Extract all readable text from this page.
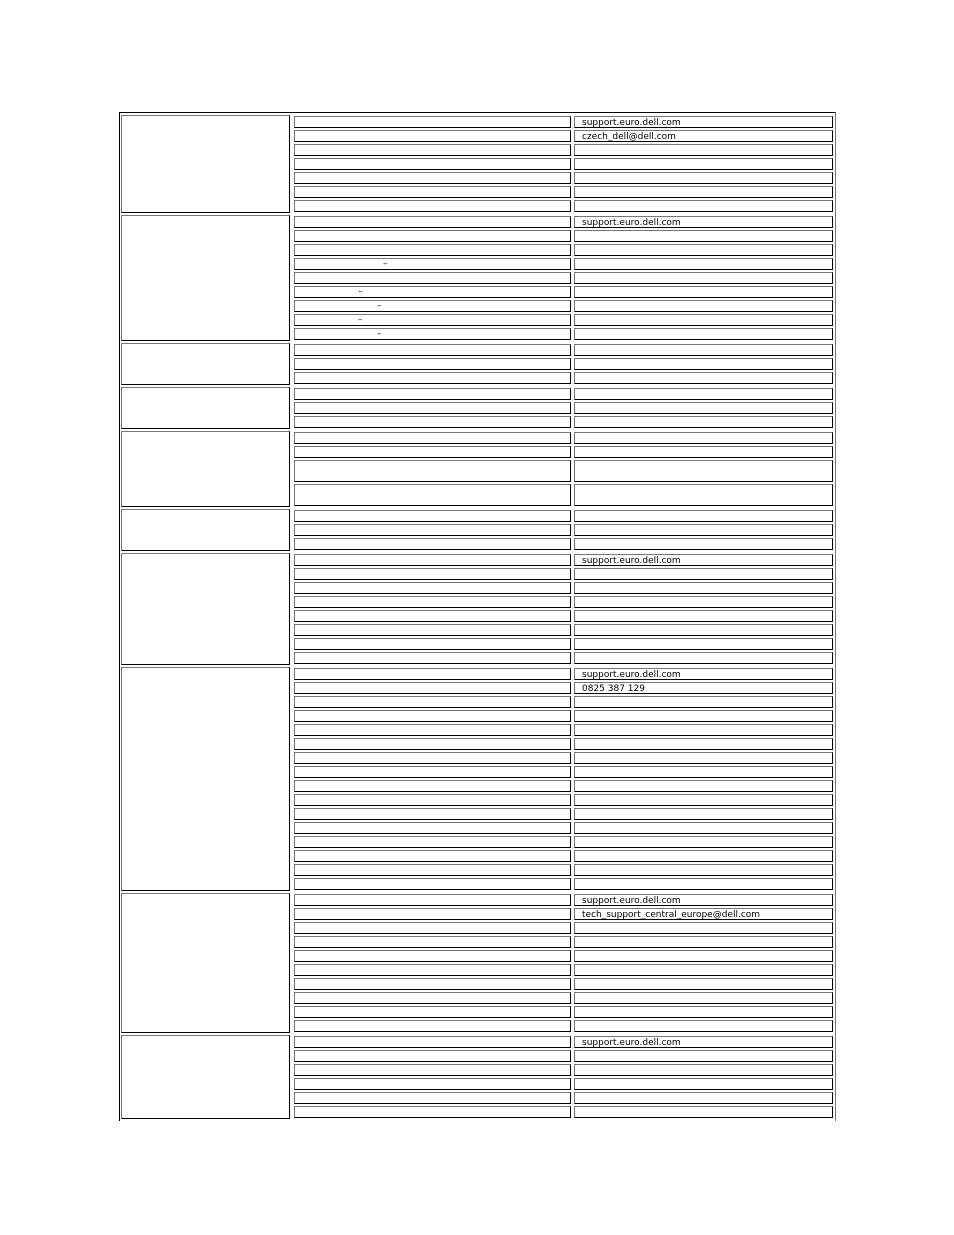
support.euro.dell.com
czech_dell@dell.com
support.euro.dell.com
–
–
–
–
–
support.euro.dell.com
support.euro.dell.com
0825 387 129
support.euro.dell.com
tech_support_central_europe@dell.com
support.euro.dell.com
